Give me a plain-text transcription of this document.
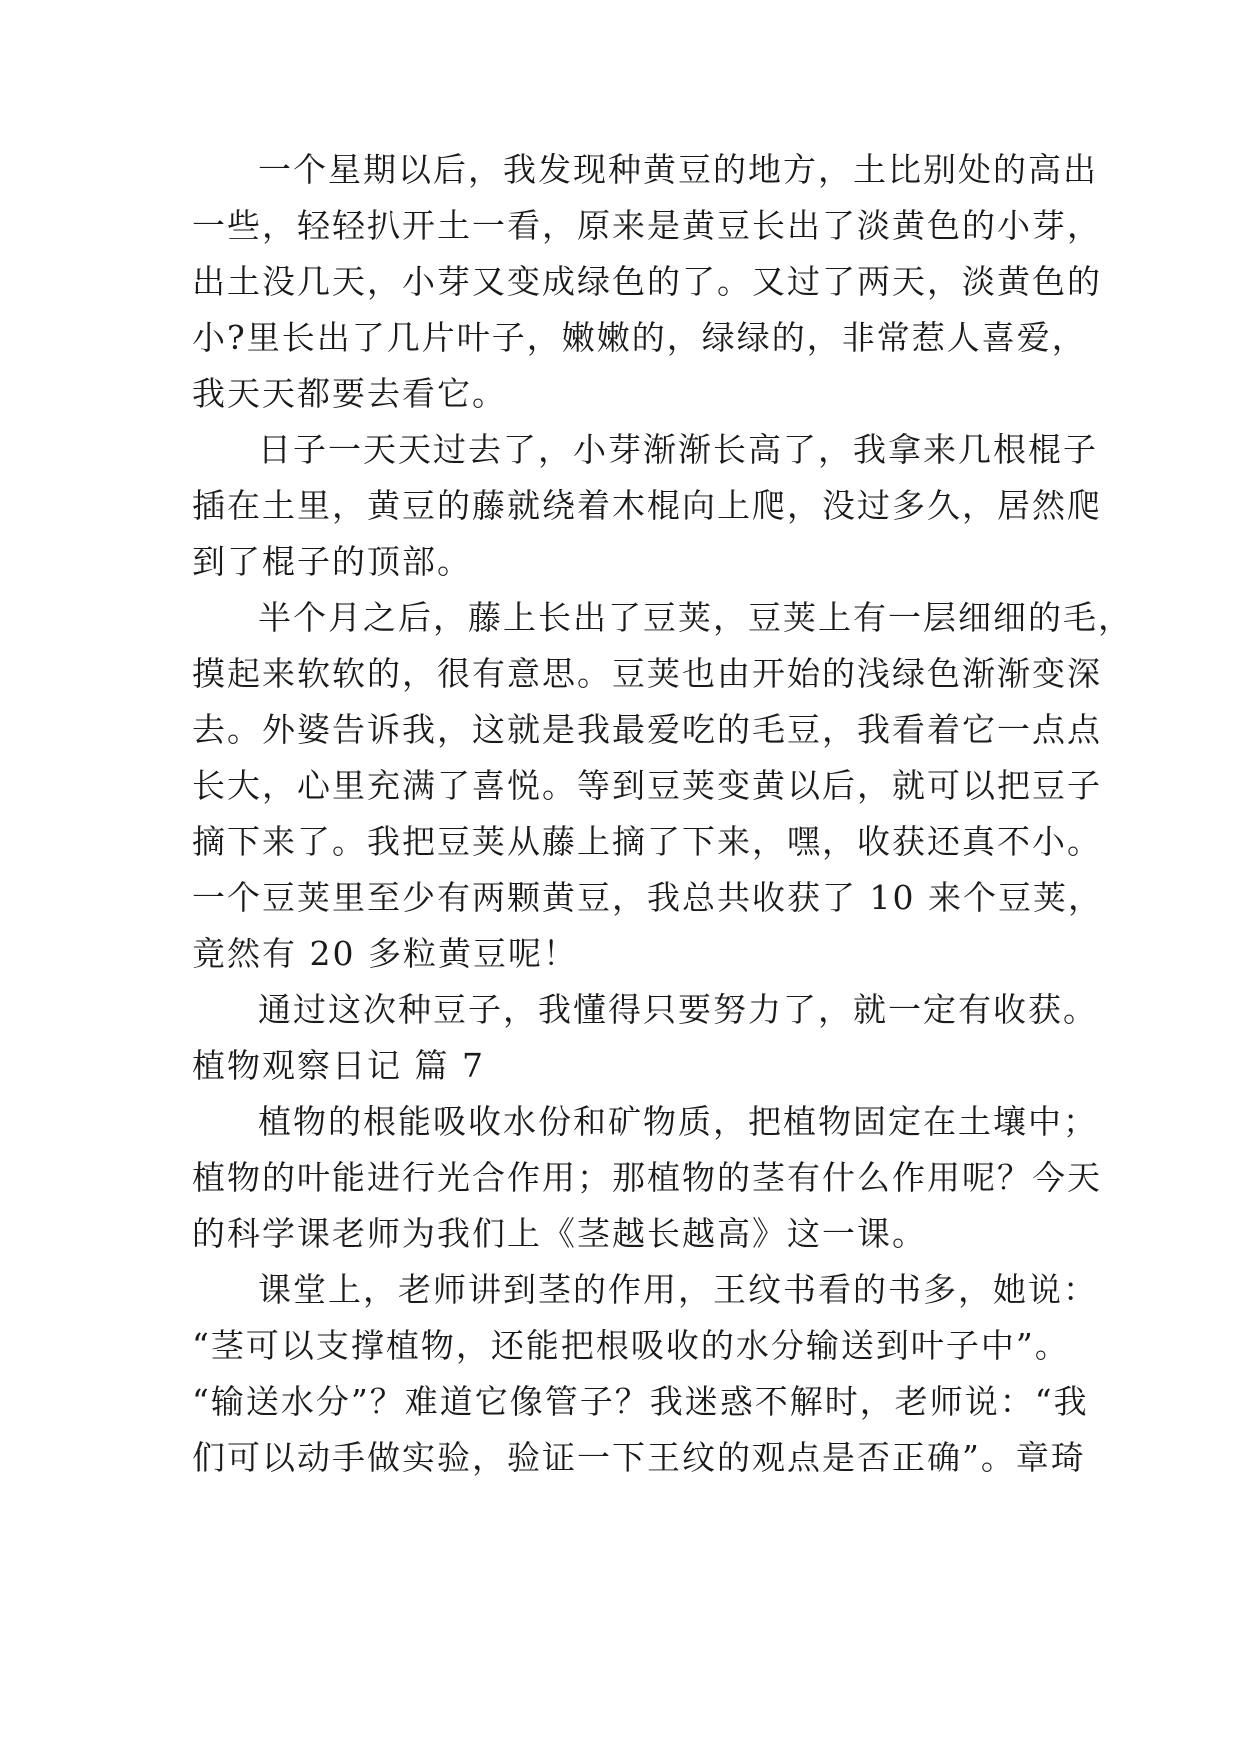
一个星期以后，我发现种黄豆的地方，土比别处的高出
一些，轻轻扒开土一看，原来是黄豆长出了淡黄色的小芽，
出土没几天，小芽又变成绿色的了。又过了两天，淡黄色的
小?里长出了几片叶子，嫩嫩的，绿绿的，非常惹人喜爱，
我天天都要去看它。
日子一天天过去了，小芽渐渐长高了，我拿来几根棍子
插在土里，黄豆的藤就绕着木棍向上爬，没过多久，居然爬
到了棍子的顶部。
半个月之后，藤上长出了豆荚，豆荚上有一层细细的毛，
摸起来软软的，很有意思。豆荚也由开始的浅绿色渐渐变深
去。外婆告诉我，这就是我最爱吃的毛豆，我看着它一点点
长大，心里充满了喜悦。等到豆荚变黄以后，就可以把豆子
摘下来了。我把豆荚从藤上摘了下来，嘿，收获还真不小。
一个豆荚里至少有两颗黄豆，我总共收获了 10 来个豆荚，
竟然有 20 多粒黄豆呢！
通过这次种豆子，我懂得只要努力了，就一定有收获。
植物观察日记 篇 7
植物的根能吸收水份和矿物质，把植物固定在土壤中；
植物的叶能进行光合作用；那植物的茎有什么作用呢？今天
的科学课老师为我们上《茎越长越高》这一课。
课堂上，老师讲到茎的作用，王纹书看的书多，她说：
“茎可以支撑植物，还能把根吸收的水分输送到叶子中”。
“输送水分”？难道它像管子？我迷惑不解时，老师说：“我
们可以动手做实验，验证一下王纹的观点是否正确”。章琦
